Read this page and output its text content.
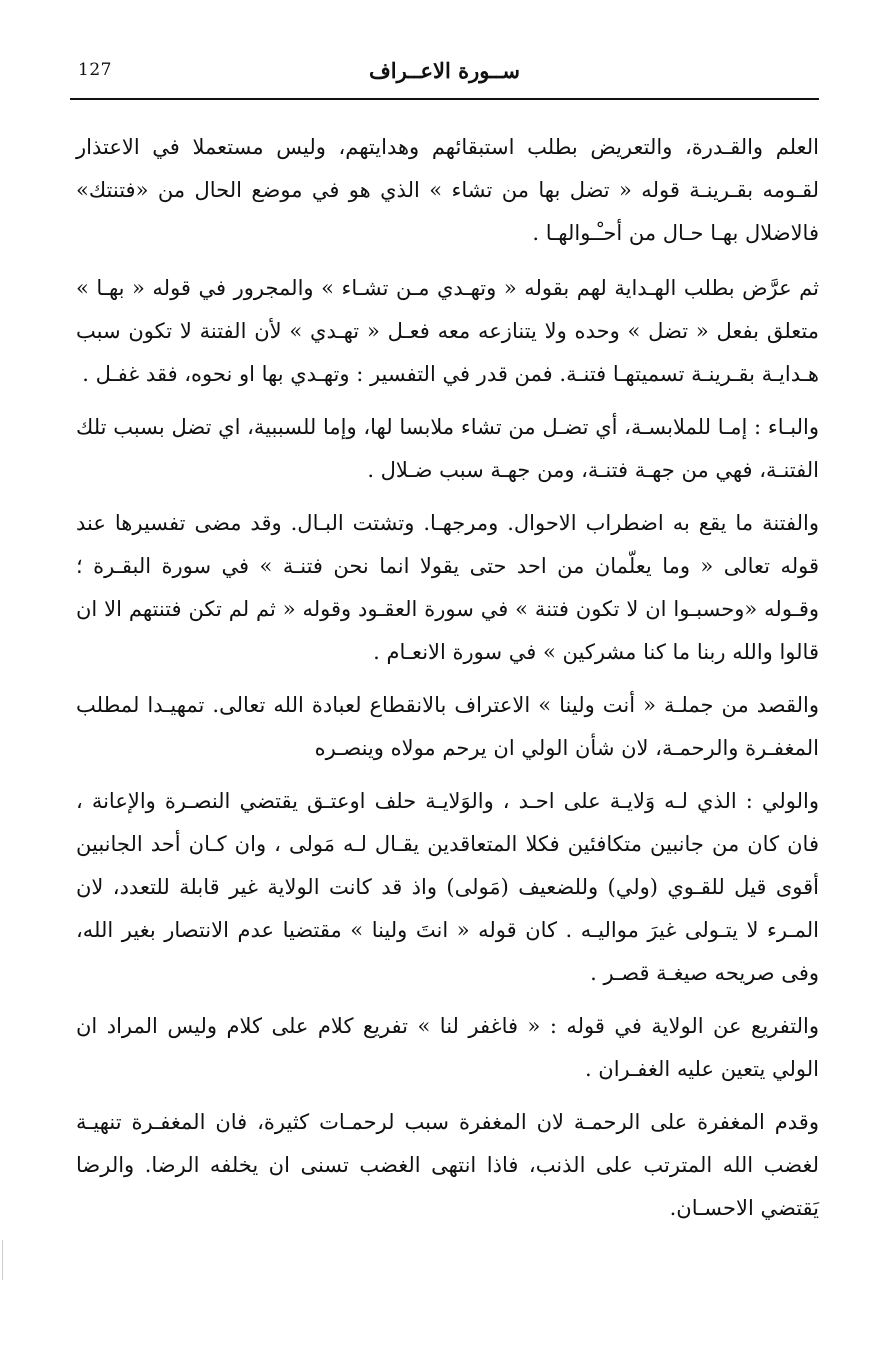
127	ســورة الاعــراف

العلم والقـدرة، والتعريض بطلب استبقائهم وهدايتهم، وليس مستعملا في الاعتذار لقـومه بقـرينـة قوله « تضل بها من تشاء » الذي هو في موضع الحال من «فتنتك» فالاضلال بهـا حـال من أحـْـوالهـا .

ثم عرَّض بطلب الهـداية لهم بقوله « وتهـدي مـن تشـاء » والمجرور في قوله « بهـا » متعلق بفعل « تضل » وحده ولا يتنازعه معه فعـل « تهـدي » لأن الفتنة لا تكون سبب هـدايـة بقـرينـة تسميتهـا فتنـة. فمن قدر في التفسير : وتهـدي بها او نحوه، فقد غفـل .

والبـاء : إمـا للملابسـة، أي تضـل من تشاء ملابسا لها، وإما للسببية، اي تضل بسبب تلك الفتنـة، فهي من جهـة فتنـة، ومن جهـة سبب ضـلال .

والفتنة ما يقع به اضطراب الاحوال. ومرجهـا. وتشتت البـال. وقد مضى تفسيرها عند قوله تعالى « وما يعلّمان من احد حتى يقولا انما نحن فتنـة » في سورة البقـرة ؛ وقـوله «وحسبـوا ان لا تكون فتنة » في سورة العقـود وقوله « ثم لم تكن فتنتهم الا ان قالوا والله ربنا ما كنا مشركين » في سورة الانعـام .

والقصد من جملـة « أنت ولينا » الاعتراف بالانقطاع لعبادة الله تعالى. تمهيـدا لمطلب المغفـرة والرحمـة، لان شأن الولي ان يرحم مولاه وينصـره

والولي : الذي لـه وَلايـة على احـد ، والوَلايـة حلف اوعتـق يقتضي النصـرة والإعانة ، فان كان من جانبين متكافئين فكلا المتعاقدين يقـال لـه مَولى ، وان كـان أحد الجانبين أقوى قيل للقـوي (ولي) وللضعيف (مَولى) واذ قد كانت الولاية غير قابلة للتعدد، لان المـرء لا يتـولى غيرَ مواليـه . كان قوله « انتَ ولينا » مقتضيا عدم الانتصار بغير الله، وفى صريحه صيغـة قصـر .

والتفريع عن الولاية في قوله : « فاغفر لنا » تفريع كلام على كلام وليس المراد ان الولي يتعين عليه الغفـران .

وقدم المغفرة على الرحمـة لان المغفرة سبب لرحمـات كثيرة، فان المغفـرة تنهيـة لغضب الله المترتب على الذنب، فاذا انتهى الغضب تسنى ان يخلفه الرضا. والرضا يَقتضي الاحسـان.
